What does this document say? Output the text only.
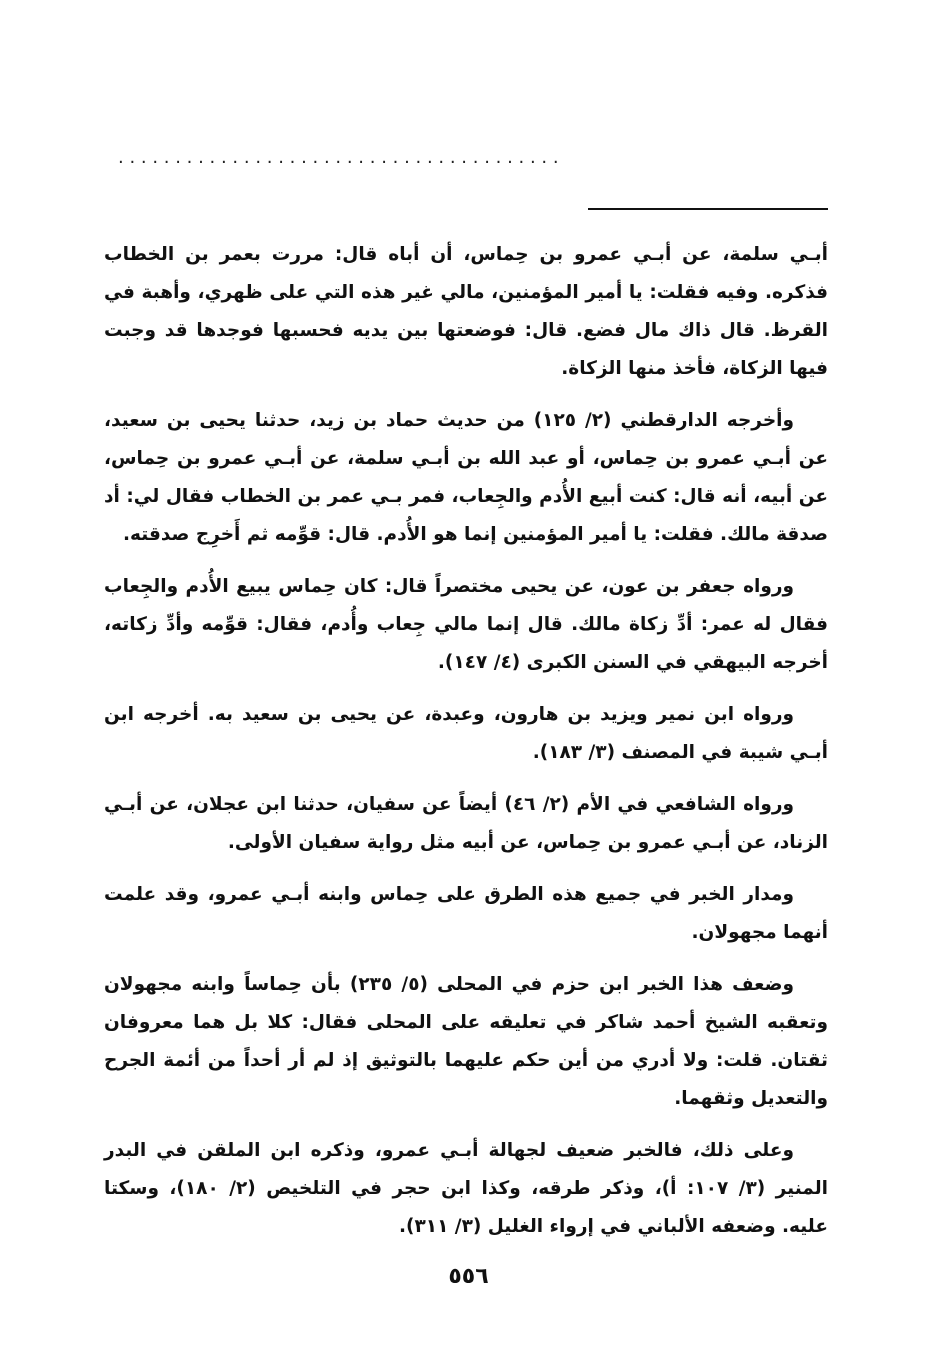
. . . . . . . . . . . . . . . . . . . . . . . . . . . . . . . . . . . . . . .

أبـي سلمة، عن أبـي عمرو بن حِماس، أن أباه قال: مررت بعمر بن الخطاب فذكره. وفيه فقلت: يا أمير المؤمنين، مالي غير هذه التي على ظهري، وأهبة في القرظ. قال ذاك مال فضع. قال: فوضعتها بين يديه فحسبها فوجدها قد وجبت فيها الزكاة، فأخذ منها الزكاة.

وأخرجه الدارقطني (٢/ ١٢٥) من حديث حماد بن زيد، حدثنا يحيى بن سعيد، عن أبـي عمرو بن حِماس، أو عبد الله بن أبـي سلمة، عن أبـي عمرو بن حِماس، عن أبيه، أنه قال: كنت أبيع الأُدم والجِعاب، فمر بـي عمر بن الخطاب فقال لي: أد صدقة مالك. فقلت: يا أمير المؤمنين إنما هو الأُدم. قال: قوِّمه ثم أَخرِج صدقته.

ورواه جعفر بن عون، عن يحيى مختصراً قال: كان حِماس يبيع الأُدم والجِعاب فقال له عمر: أدِّ زكاة مالك. قال إنما مالي جِعاب وأُدم، فقال: قوِّمه وأدِّ زكاته، أخرجه البيهقي في السنن الكبرى (٤/ ١٤٧).

ورواه ابن نمير ويزيد بن هارون، وعبدة، عن يحيى بن سعيد به. أخرجه ابن أبـي شيبة في المصنف (٣/ ١٨٣).

ورواه الشافعي في الأم (٢/ ٤٦) أيضاً عن سفيان، حدثنا ابن عجلان، عن أبـي الزناد، عن أبـي عمرو بن حِماس، عن أبيه مثل رواية سفيان الأولى.

ومدار الخبر في جميع هذه الطرق على حِماس وابنه أبـي عمرو، وقد علمت أنهما مجهولان.

وضعف هذا الخبر ابن حزم في المحلى (٥/ ٢٣٥) بأن حِماساً وابنه مجهولان وتعقبه الشيخ أحمد شاكر في تعليقه على المحلى فقال: كلا بل هما معروفان ثقتان. قلت: ولا أدري من أين حكم عليهما بالتوثيق إذ لم أر أحداً من أئمة الجرح والتعديل وثقهما.

وعلى ذلك، فالخبر ضعيف لجهالة أبـي عمرو، وذكره ابن الملقن في البدر المنير (٣/ ١٠٧: أ)، وذكر طرقه، وكذا ابن حجر في التلخيص (٢/ ١٨٠)، وسكتا عليه. وضعفه الألباني في إرواء الغليل (٣/ ٣١١).

٥٥٦
